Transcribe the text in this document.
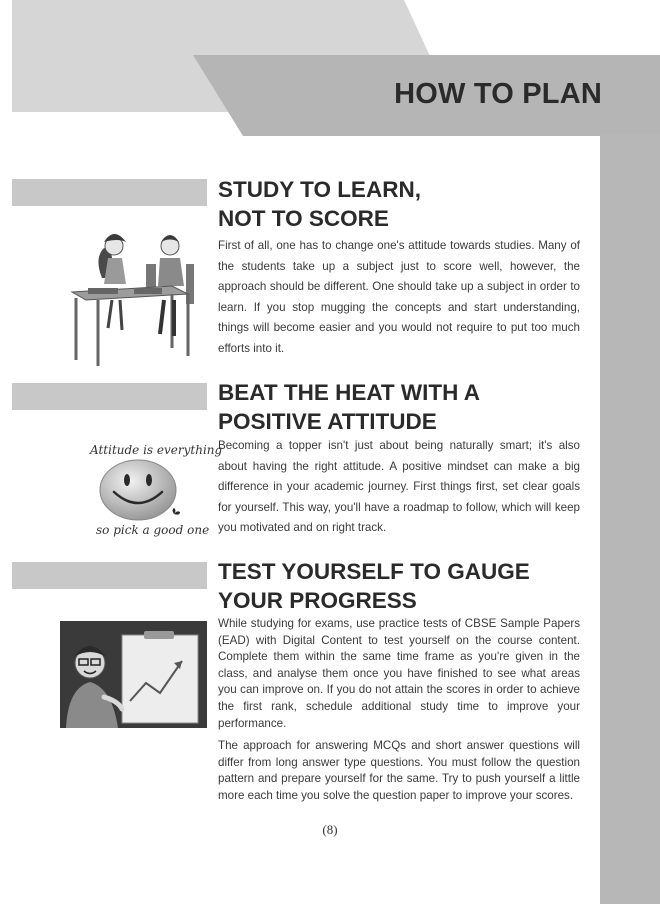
HOW TO PLAN
STUDY TO LEARN,
NOT TO SCORE

First of all, one has to change one's attitude towards studies. Many of the students take up a subject just to score well, however, the approach should be different. One should take up a subject in order to learn. If you stop mugging the concepts and start understanding, things will become easier and you would not require to put too much efforts into it.

BEAT THE HEAT WITH A
POSITIVE ATTITUDE

Becoming a topper isn't just about being naturally smart; it's also about having the right attitude. A positive mindset can make a big difference in your academic journey. First things first, set clear goals for yourself. This way, you'll have a roadmap to follow, which will keep you motivated and on right track.

Attitude is everything
so pick a good one
TEST YOURSELF TO GAUGE
YOUR PROGRESS

While studying for exams, use practice tests of CBSE Sample Papers (EAD) with Digital Content to test yourself on the course content. Complete them within the same time frame as you're given in the class, and analyse them once you have finished to see what areas you can improve on. If you do not attain the scores in order to achieve the first rank, schedule additional study time to improve your performance.

The approach for answering MCQs and short answer questions will differ from long answer type questions. You must follow the question pattern and prepare yourself for the same. Try to push yourself a little more each time you solve the question paper to improve your scores.

(8)
